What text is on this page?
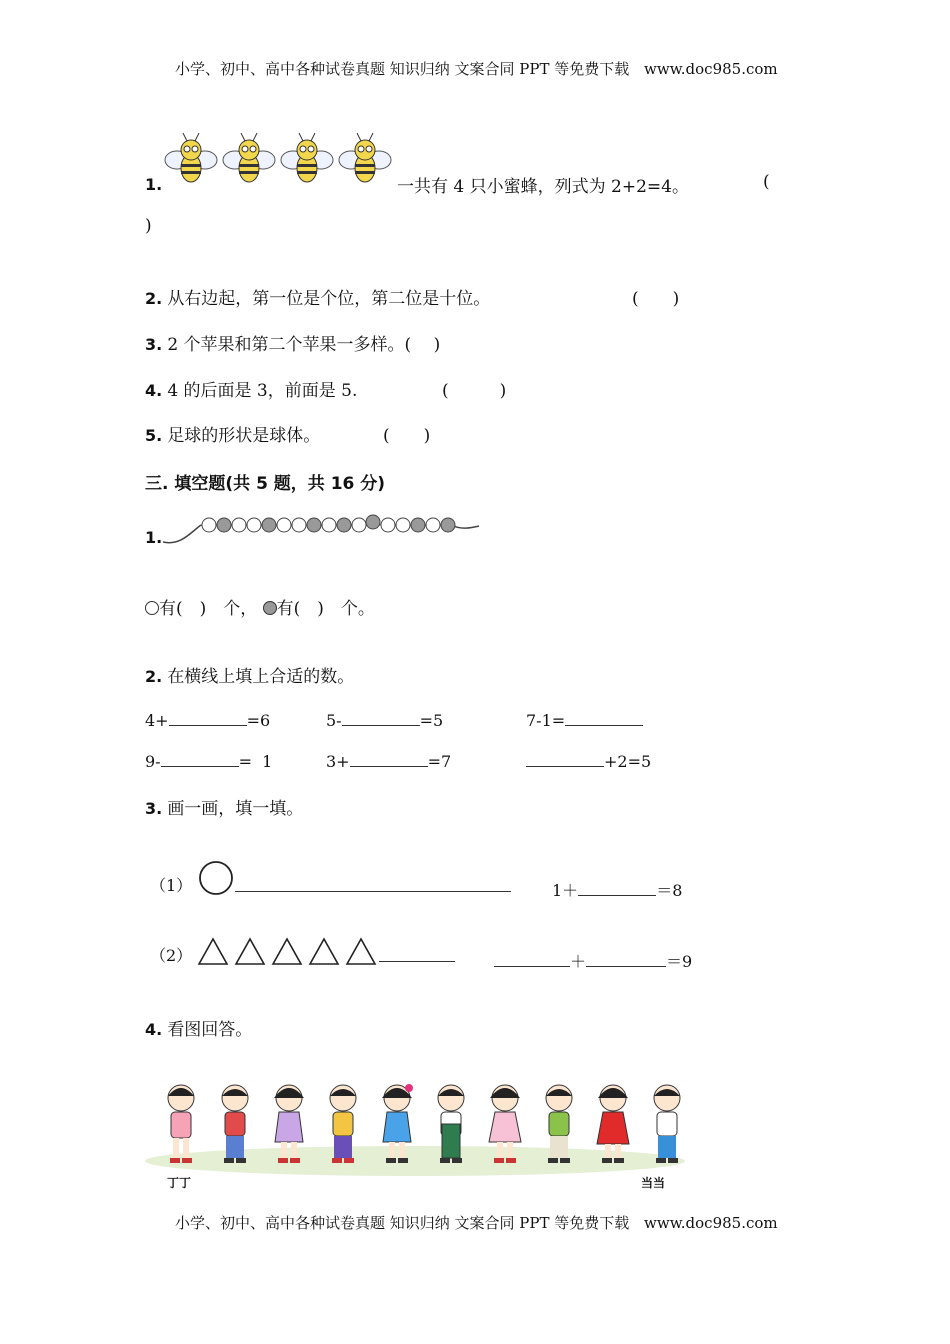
小学、初中、高中各种试卷真题 知识归纳 文案合同 PPT 等免费下载 www.doc985.com
1.	一共有 4 只小蜜蜂，列式为 2+2=4。	(
)
2. 从右边起，第一位是个位，第二位是十位。	(　　)
3. 2 个苹果和第二个苹果一多样。(　 )
4. 4 的后面是 3，前面是 5.	(　　　)
5. 足球的形状是球体。	(　　)
三. 填空题(共 5 题，共 16 分)
1.
有(　)　个， 有(　)　个。
2. 在横线上填上合适的数。
4+	=6	5-	=5	7-1=
9-	=  1	3+	=7	+2=5
3. 画一画，填一填。
（1）	1＋	＝8
（2）	＋	＝9
4. 看图回答。
丁丁	当当
小学、初中、高中各种试卷真题 知识归纳 文案合同 PPT 等免费下载 www.doc985.com
